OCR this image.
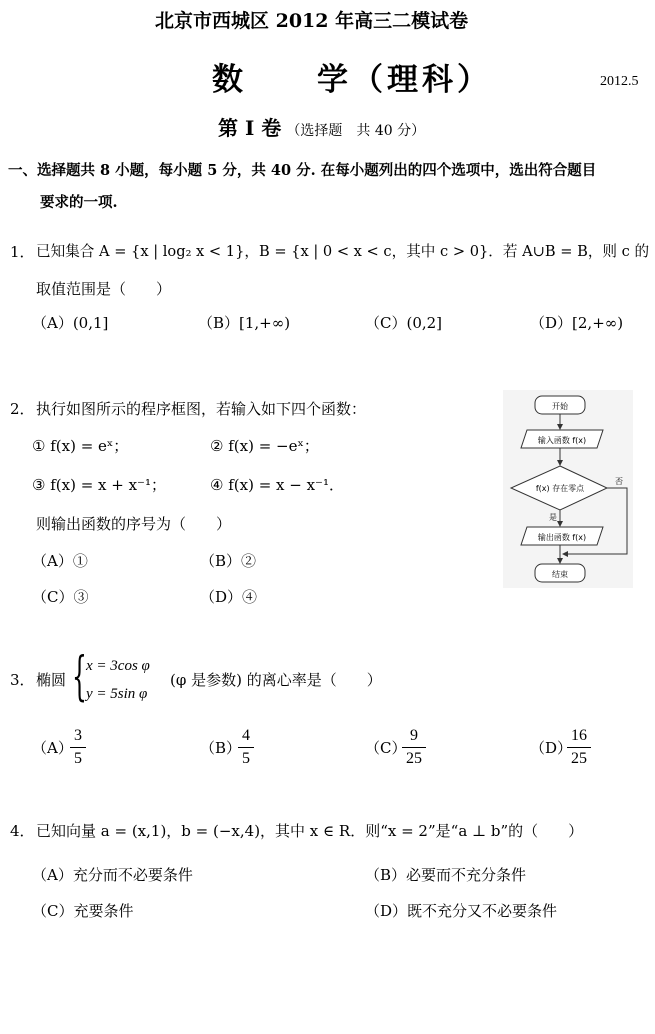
北京市西城区 2012 年高三二模试卷
数　　学（理科）	2012.5
第 I 卷 （选择题　共 40 分）
一、选择题共 8 小题，每小题 5 分，共 40 分. 在每小题列出的四个选项中，选出符合题目
要求的一项.
1． 已知集合 A = {x | log₂ x < 1}，B = {x | 0 < x < c，其中 c > 0}．若 A∪B = B，则 c 的
取值范围是（　　）
（A）(0,1]	（B）[1,+∞)	（C）(0,2]	（D）[2,+∞)
2． 执行如图所示的程序框图，若输入如下四个函数：
① f(x) = eˣ；	② f(x) = −eˣ；
③ f(x) = x + x⁻¹；	④ f(x) = x − x⁻¹．
则输出函数的序号为（　　）
（A）①	（B）②
（C）③	（D）④
开始
输入函数 f(x)
f(x) 存在零点
否
是
输出函数 f(x)
结束
3． 椭圆 { x = 3cos φ
y = 5sin φ
(φ 是参数) 的离心率是（　　）
（A）
3
5
（B）
4
5
（C）
9
25
（D）
16
25
4． 已知向量 a = (x,1)，b = (−x,4)，其中 x ∈ R．则“x = 2”是“a ⊥ b”的（　　）
（A）充分而不必要条件	（B）必要而不充分条件
（C）充要条件	（D）既不充分又不必要条件
